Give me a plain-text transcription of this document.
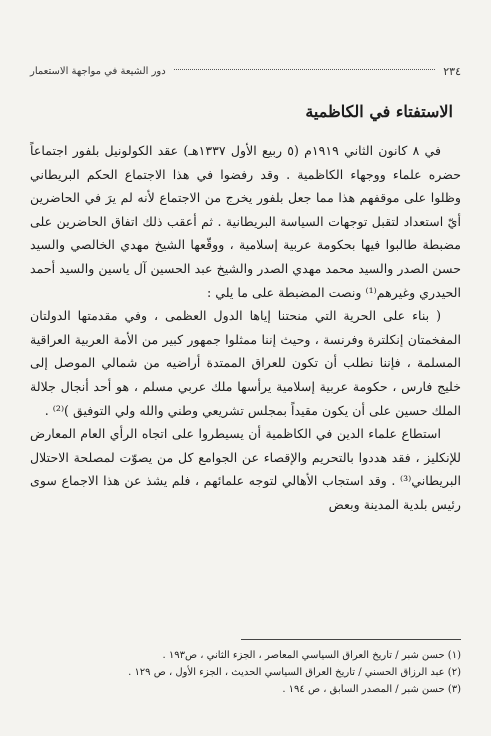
٢٣٤
دور الشيعة في مواجهة الاستعمار
الاستفتاء في الكاظمية

في ٨ كانون الثاني ١٩١٩م (٥ ربيع الأول ١٣٣٧هـ) عقد الكولونيل بلفور اجتماعاً حضره علماء ووجهاء الكاظمية . وقد رفضوا في هذا الاجتماع الحكم البريطاني وظلوا على موقفهم هذا مما جعل بلفور يخرج من الاجتماع لأنه لم يرَ في الحاضرين أيّ استعداد لتقبل توجهات السياسة البريطانية . ثم أعقب ذلك اتفاق الحاضرين على مضبطة طالبوا فيها بحكومة عربية إسلامية ، ووقّعها الشيخ مهدي الخالصي والسيد حسن الصدر والسيد محمد مهدي الصدر والشيخ عبد الحسين آل ياسين والسيد أحمد الحيدري وغيرهم⁽¹⁾ ونصت المضبطة على ما يلي :

( بناء على الحرية التي منحتنا إياها الدول العظمى ، وفي مقدمتها الدولتان المفخمتان إنكلترة وفرنسة ، وحيث إننا ممثلوا جمهور كبير من الأمة العربية العراقية المسلمة ، فإننا نطلب أن تكون للعراق الممتدة أراضيه من شمالي الموصل إلى خليج فارس ، حكومة عربية إسلامية يرأسها ملك عربي مسلم ، هو أحد أنجال جلالة الملك حسين على أن يكون مقيداً بمجلس تشريعي وطني والله ولي التوفيق )⁽²⁾ .

استطاع علماء الدين في الكاظمية أن يسيطروا على اتجاه الرأي العام المعارض للإنكليز ، فقد هددوا بالتحريم والإقصاء عن الجوامع كل من يصوّت لمصلحة الاحتلال البريطاني⁽³⁾ . وقد استجاب الأهالي لتوجه علمائهم ، فلم يشذ عن هذا الاجماع سوى رئيس بلدية المدينة وبعض

(١) حسن شبر / تاريخ العراق السياسي المعاصر ، الجزء الثاني ، ص١٩٣ .
(٢) عبد الرزاق الحسني / تاريخ العراق السياسي الحديث ، الجزء الأول ، ص ١٢٩ .
(٣) حسن شبر / المصدر السابق ، ص ١٩٤ .
